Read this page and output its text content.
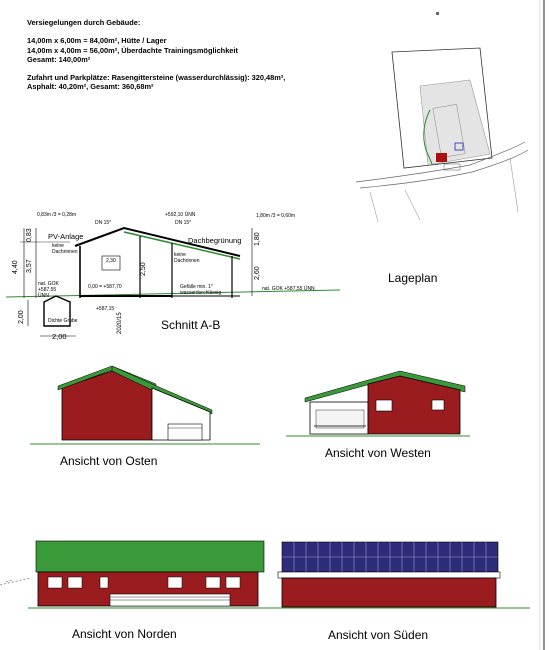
Versiegelungen durch Gebäude:
14,00m x 6,00m = 84,00m², Hütte / Lager
14,00m x 4,00m = 56,00m², Überdachte Trainingsmöglichkeit
Gesamt: 140,00m²
Zufahrt und Parkplätze: Rasengittersteine (wasserdurchlässig): 320,48m²,
Asphalt: 40,20m², Gesamt: 360,68m²
0,83m /3 = 0,28m
DN 15°	DN 15°
+592,10 ÜNN	1,80m /3 = 0,60m
PV-Anlage	Dachbegrünung
keine Dachrinnen	keine Dachrinnen
0,00 = +587,70	Gefälle min. 1° wasserdurchlässig
nat. GOK +587,55 ÜNN
nat. GOK +587,55 ÜNN
+587,15
Dichte Grube
4,40 3,57
0,83	1,80
2,60
2,50
2,30
2,00
2,00
2020/15
Lageplan
Schnitt A-B
Ansicht von Osten
Ansicht von Westen
Ansicht von Norden	Ansicht von Süden
